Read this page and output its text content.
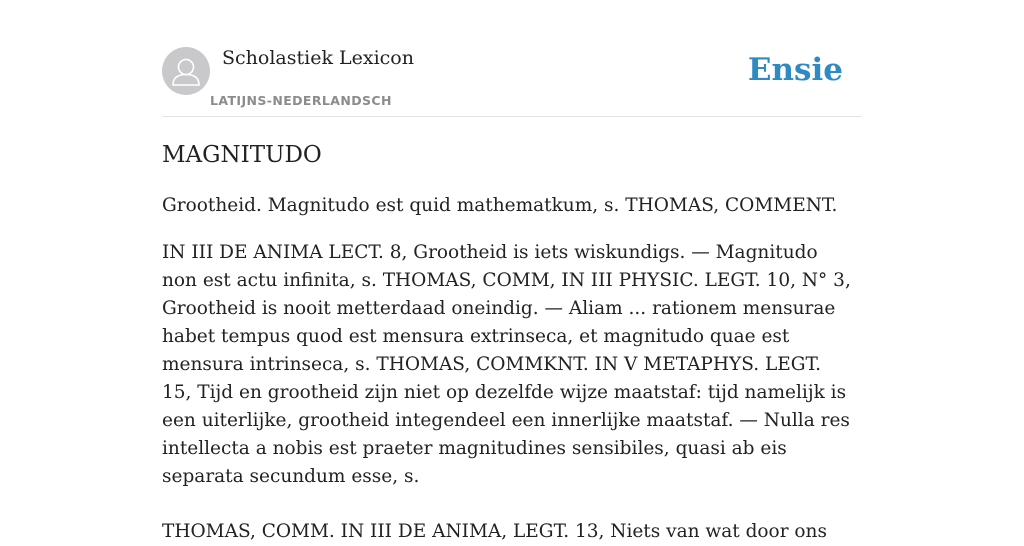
Scholastiek Lexicon
LATIJNS-NEDERLANDSCH
Ensie
MAGNITUDO

Grootheid. Magnitudo est quid mathematkum, s. THOMAS, COMMENT.

IN III DE ANIMA LECT. 8, Grootheid is iets wiskundigs. — Magnitudo non est actu infinita, s. THOMAS, COMM, IN III PHYSIC. LEGT. 10, N° 3, Grootheid is nooit metterdaad oneindig. — Aliam ... rationem mensurae habet tempus quod est mensura extrinseca, et magnitudo quae est mensura intrinseca, s. THOMAS, COMMKNT. IN V METAPHYS. LEGT. 15, Tijd en grootheid zijn niet op dezelfde wijze maatstaf: tijd namelijk is een uiterlijke, grootheid integendeel een innerlijke maatstaf. — Nulla res intellecta a nobis est praeter magnitudines sensibiles, quasi ab eis separata secundum esse, s.

THOMAS, COMM. IN III DE ANIMA, LEGT. 13, Niets van wat door ons
